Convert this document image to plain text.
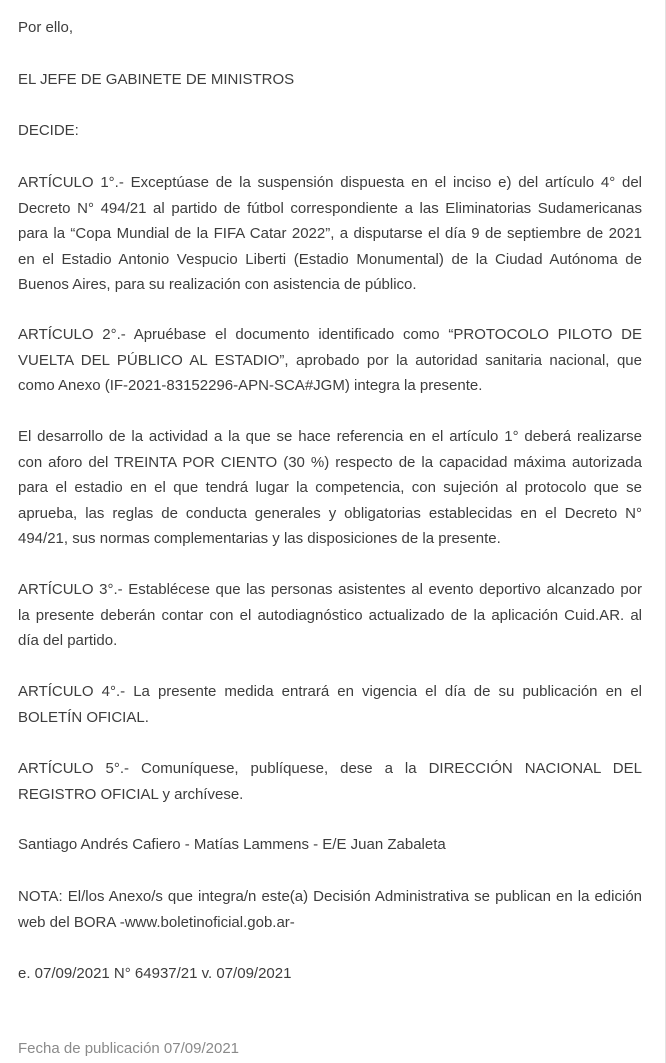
Por ello,

EL JEFE DE GABINETE DE MINISTROS

DECIDE:

ARTÍCULO 1°.- Exceptúase de la suspensión dispuesta en el inciso e) del artículo 4° del Decreto N° 494/21 al partido de fútbol correspondiente a las Eliminatorias Sudamericanas para la “Copa Mundial de la FIFA Catar 2022”, a disputarse el día 9 de septiembre de 2021 en el Estadio Antonio Vespucio Liberti (Estadio Monumental) de la Ciudad Autónoma de Buenos Aires, para su realización con asistencia de público.

ARTÍCULO 2°.- Apruébase el documento identificado como “PROTOCOLO PILOTO DE VUELTA DEL PÚBLICO AL ESTADIO”, aprobado por la autoridad sanitaria nacional, que como Anexo (IF-2021-83152296-APN-SCA#JGM) integra la presente.

El desarrollo de la actividad a la que se hace referencia en el artículo 1° deberá realizarse con aforo del TREINTA POR CIENTO (30 %) respecto de la capacidad máxima autorizada para el estadio en el que tendrá lugar la competencia, con sujeción al protocolo que se aprueba, las reglas de conducta generales y obligatorias establecidas en el Decreto N° 494/21, sus normas complementarias y las disposiciones de la presente.

ARTÍCULO 3°.- Establécese que las personas asistentes al evento deportivo alcanzado por la presente deberán contar con el autodiagnóstico actualizado de la aplicación Cuid.AR. al día del partido.

ARTÍCULO 4°.- La presente medida entrará en vigencia el día de su publicación en el BOLETÍN OFICIAL.

ARTÍCULO 5°.- Comuníquese, publíquese, dese a la DIRECCIÓN NACIONAL DEL REGISTRO OFICIAL y archívese.

Santiago Andrés Cafiero - Matías Lammens - E/E Juan Zabaleta

NOTA: El/los Anexo/s que integra/n este(a) Decisión Administrativa se publican en la edición web del BORA -www.boletinoficial.gob.ar-

e. 07/09/2021 N° 64937/21 v. 07/09/2021

Fecha de publicación 07/09/2021
